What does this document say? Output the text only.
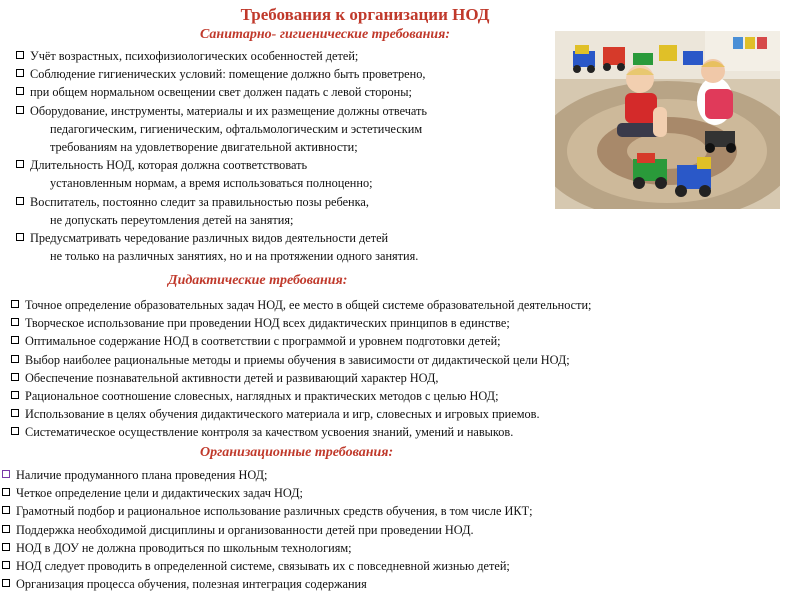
Требования к организации НОД
Санитарно- гигиенические требования:
Учёт возрастных, психофизиологических особенностей детей;
Соблюдение гигиенических условий: помещение должно быть проветрено,
при общем нормальном освещении свет должен падать с левой стороны;
Оборудование, инструменты, материалы и их размещение должны отвечать
педагогическим, гигиеническим, офтальмологическим и эстетическим
требованиям на удовлетворение двигательной активности;
Длительность НОД, которая должна соответствовать
установленным нормам, а время использоваться полноценно;
Воспитатель, постоянно следит за правильностью позы ребенка,
не допускать переутомления детей на занятия;
Предусматривать чередование различных видов деятельности детей
не только на различных занятиях, но и на протяжении одного занятия.
Дидактические требования:
Точное определение образовательных задач НОД, ее место в общей системе образовательной деятельности;
Творческое использование при проведении НОД всех дидактических принципов в единстве;
Оптимальное содержание НОД в соответствии с программой и уровнем подготовки детей;
Выбор наиболее рациональные методы и приемы обучения в зависимости от дидактической цели НОД;
Обеспечение познавательной активности детей и развивающий характер НОД,
Рациональное соотношение словесных, наглядных и практических методов с целью НОД;
Использование в целях обучения дидактического материала и игр, словесных и игровых приемов.
Систематическое осуществление контроля за качеством усвоения знаний, умений и навыков.
Организационные требования:
Наличие продуманного плана проведения НОД;
Четкое определение цели и дидактических задач НОД;
Грамотный подбор и рациональное использование различных средств обучения, в том числе ИКТ;
Поддержка необходимой дисциплины и организованности детей при проведении НОД.
НОД в ДОУ не должна проводиться по школьным технологиям;
НОД следует проводить в определенной системе, связывать их с повседневной жизнью детей;
Организация процесса обучения, полезная интеграция содержания
